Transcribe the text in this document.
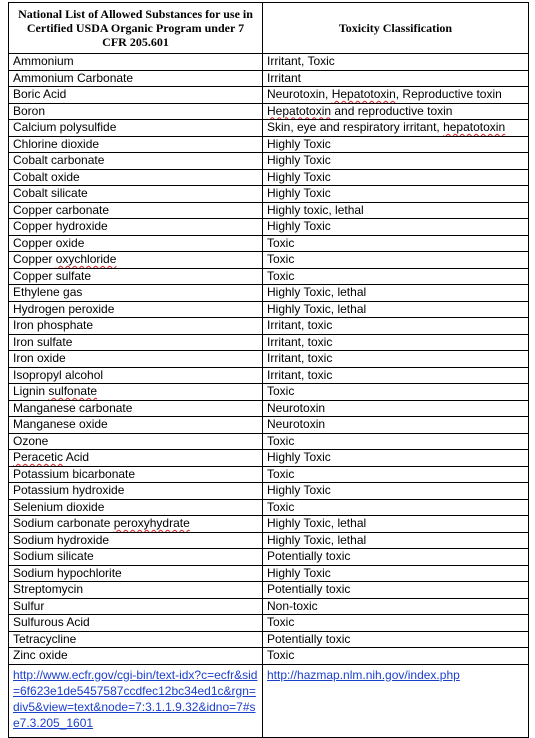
National List of Allowed Substances for use in Certified USDA Organic Program under 7 CFR 205.601	Toxicity Classification
Ammonium	Irritant, Toxic
Ammonium Carbonate	Irritant
Boric Acid	Neurotoxin, Hepatotoxin, Reproductive toxin
Boron	Hepatotoxin and reproductive toxin
Calcium polysulfide	Skin, eye and respiratory irritant, hepatotoxin
Chlorine dioxide	Highly Toxic
Cobalt carbonate	Highly Toxic
Cobalt oxide	Highly Toxic
Cobalt silicate	Highly Toxic
Copper carbonate	Highly toxic, lethal
Copper hydroxide	Highly Toxic
Copper oxide	Toxic
Copper oxychloride	Toxic
Copper sulfate	Toxic
Ethylene gas	Highly Toxic, lethal
Hydrogen peroxide	Highly Toxic, lethal
Iron phosphate	Irritant, toxic
Iron sulfate	Irritant, toxic
Iron oxide	Irritant, toxic
Isopropyl alcohol	Irritant, toxic
Lignin sulfonate	Toxic
Manganese carbonate	Neurotoxin
Manganese oxide	Neurotoxin
Ozone	Toxic
Peracetic Acid	Highly Toxic
Potassium bicarbonate	Toxic
Potassium hydroxide	Highly Toxic
Selenium dioxide	Toxic
Sodium carbonate peroxyhydrate	Highly Toxic, lethal
Sodium hydroxide	Highly Toxic, lethal
Sodium silicate	Potentially toxic
Sodium hypochlorite	Highly Toxic
Streptomycin	Potentially toxic
Sulfur	Non-toxic
Sulfurous Acid	Toxic
Tetracycline	Potentially toxic
Zinc oxide	Toxic
http://www.ecfr.gov/cgi-bin/text-idx?c=ecfr&sid=6f623e1de5457587ccdfec12bc34ed1c&rgn=div5&view=text&node=7:3.1.1.9.32&idno=7#se7.3.205_1601	http://hazmap.nlm.nih.gov/index.php
